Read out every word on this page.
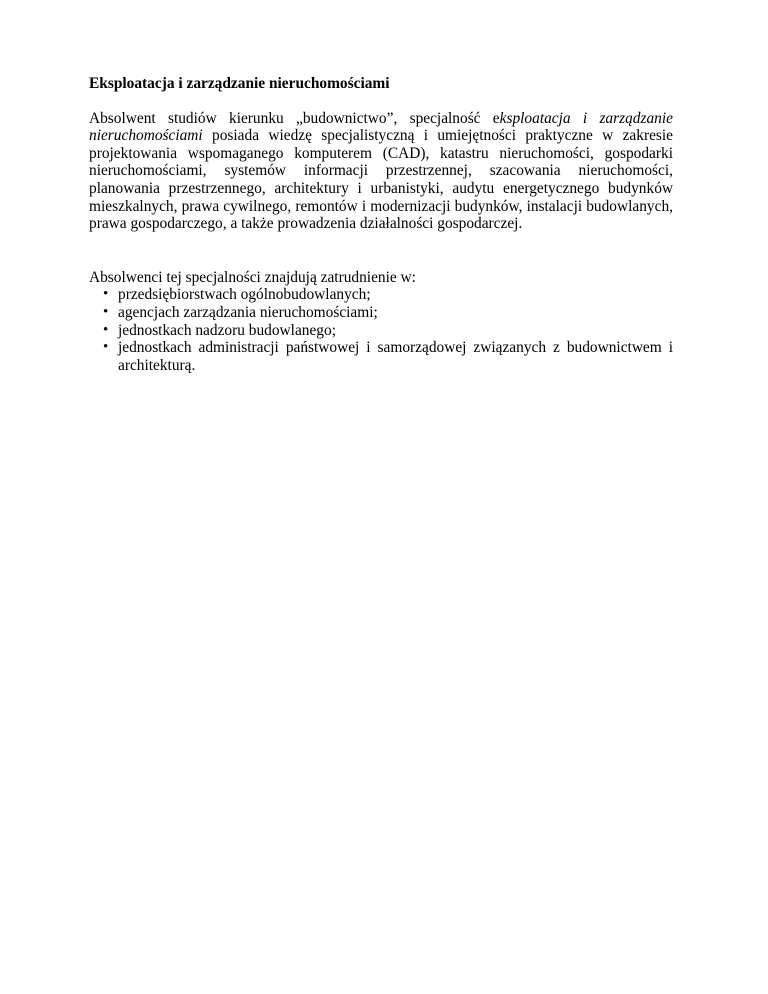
Eksploatacja i zarządzanie nieruchomościami

Absolwent studiów kierunku „budownictwo”, specjalność eksploatacja i zarządzanie nieruchomościami posiada wiedzę specjalistyczną i umiejętności praktyczne w zakresie projektowania wspomaganego komputerem (CAD), katastru nieruchomości, gospodarki nieruchomościami, systemów informacji przestrzennej, szacowania nieruchomości, planowania przestrzennego, architektury i urbanistyki, audytu energetycznego budynków mieszkalnych, prawa cywilnego, remontów i modernizacji budynków, instalacji budowlanych, prawa gospodarczego, a także prowadzenia działalności gospodarczej.

Absolwenci tej specjalności znajdują zatrudnienie w:

• przedsiębiorstwach ogólnobudowlanych;
• agencjach zarządzania nieruchomościami;
• jednostkach nadzoru budowlanego;
• jednostkach administracji państwowej i samorządowej związanych z budownictwem i architekturą.
